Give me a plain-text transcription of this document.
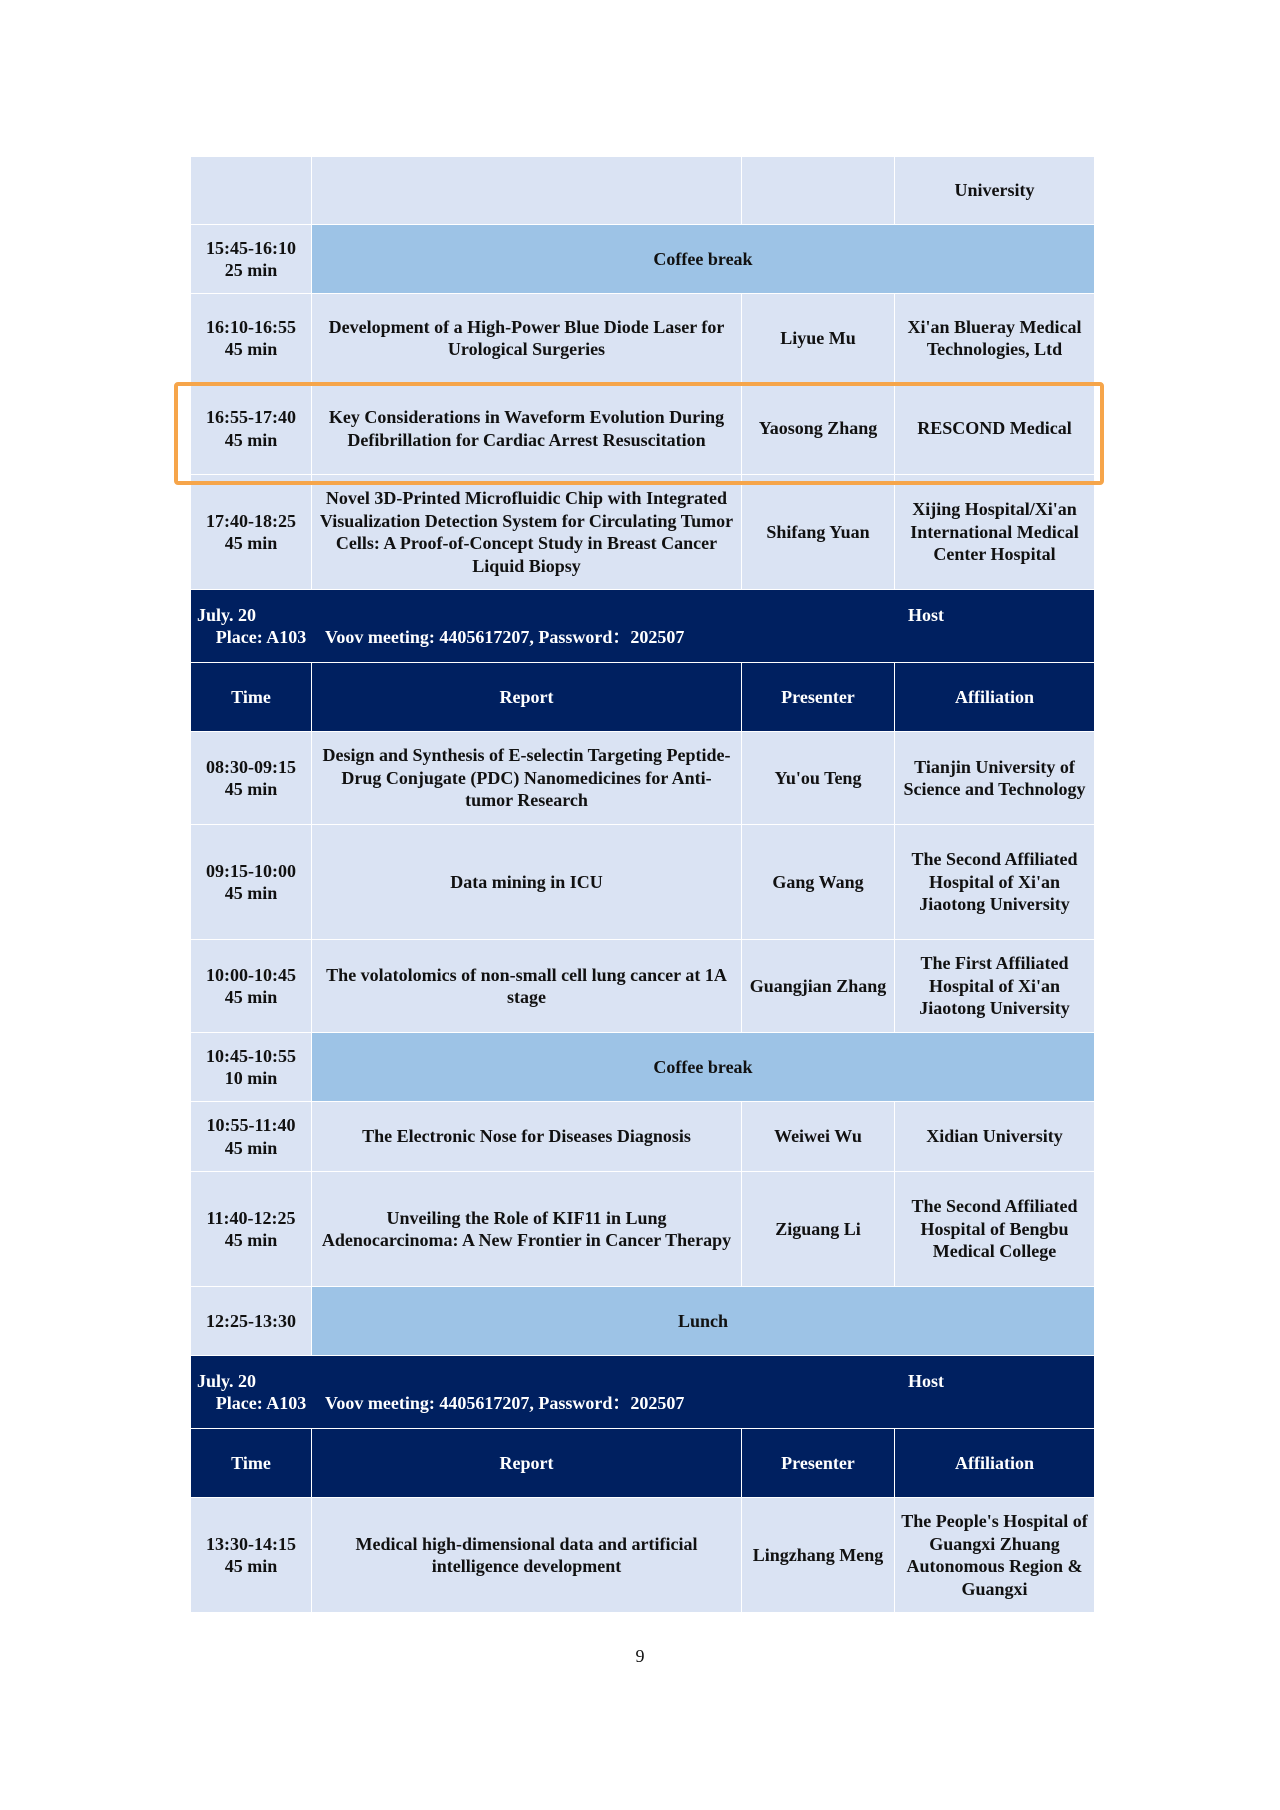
			University

15:45-16:10
25 min	Coffee break		

16:10-16:55
45 min	Development of a High-Power Blue Diode Laser for Urological Surgeries	Liyue Mu	Xi'an Blueray Medical Technologies, Ltd

16:55-17:40
45 min	Key Considerations in Waveform Evolution During Defibrillation for Cardiac Arrest Resuscitation	Yaosong Zhang	RESCOND Medical

17:40-18:25
45 min	Novel 3D-Printed Microfluidic Chip with Integrated Visualization Detection System for Circulating Tumor Cells: A Proof-of-Concept Study in Breast Cancer Liquid Biopsy	Shifang Yuan	Xijing Hospital/Xi'an International Medical Center Hospital

July. 20 Host
Place: A103 Voov meeting: 4405617207, Password：202507			

Time	Report	Presenter	Affiliation

08:30-09:15
45 min	Design and Synthesis of E-selectin Targeting Peptide-Drug Conjugate (PDC) Nanomedicines for Anti-tumor Research	Yu'ou Teng	Tianjin University of Science and Technology

09:15-10:00
45 min	Data mining in ICU	Gang Wang	The Second Affiliated Hospital of Xi'an Jiaotong University

10:00-10:45
45 min	The volatolomics of non-small cell lung cancer at 1A stage	Guangjian Zhang	The First Affiliated Hospital of Xi'an Jiaotong University

10:45-10:55
10 min	Coffee break		

10:55-11:40
45 min	The Electronic Nose for Diseases Diagnosis	Weiwei Wu	Xidian University

11:40-12:25
45 min	Unveiling the Role of KIF11 in Lung Adenocarcinoma: A New Frontier in Cancer Therapy	Ziguang Li	The Second Affiliated Hospital of Bengbu Medical College

12:25-13:30	Lunch		

July. 20 Host
Place: A103 Voov meeting: 4405617207, Password：202507			

Time	Report	Presenter	Affiliation

13:30-14:15
45 min	Medical high-dimensional data and artificial intelligence development	Lingzhang Meng	The People's Hospital of Guangxi Zhuang Autonomous Region & Guangxi
9
